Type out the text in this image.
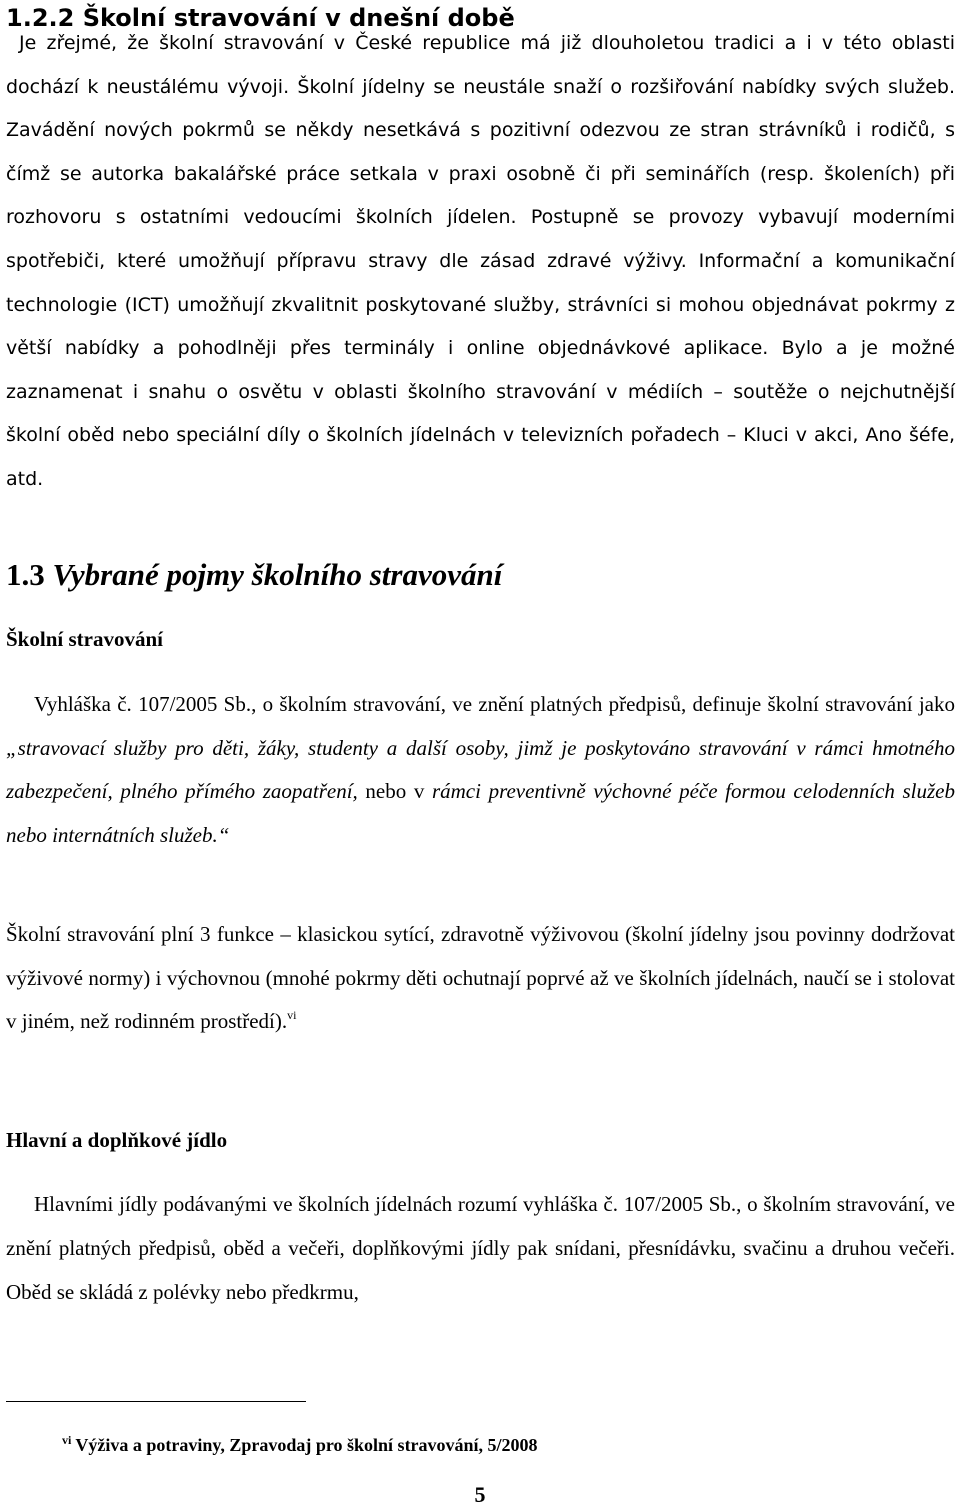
1.2.2 Školní stravování v dnešní době

Je zřejmé, že školní stravování v České republice má již dlouholetou tradici a i v této oblasti dochází k neustálému vývoji. Školní jídelny se neustále snaží o rozšiřování nabídky svých služeb. Zavádění nových pokrmů se někdy nesetkává s pozitivní odezvou ze stran strávníků i rodičů, s čímž se autorka bakalářské práce setkala v praxi osobně či při seminářích (resp. školeních) při rozhovoru s ostatními vedoucími školních jídelen. Postupně se provozy vybavují moderními spotřebiči, které umožňují přípravu stravy dle zásad zdravé výživy. Informační a komunikační technologie (ICT) umožňují zkvalitnit poskytované služby, strávníci si mohou objednávat pokrmy z větší nabídky a pohodlněji přes terminály i online objednávkové aplikace. Bylo a je možné zaznamenat i snahu o osvětu v oblasti školního stravování v médiích – soutěže o nejchutnější školní oběd nebo speciální díly o školních jídelnách v televizních pořadech – Kluci v akci, Ano šéfe, atd.

1.3 Vybrané pojmy školního stravování
Školní stravování

Vyhláška č. 107/2005 Sb., o školním stravování, ve znění platných předpisů, definuje školní stravování jako „stravovací služby pro děti, žáky, studenty a další osoby, jimž je poskytováno stravování v rámci hmotného zabezpečení, plného přímého zaopatření, nebo v rámci preventivně výchovné péče formou celodenních služeb nebo internátních služeb.“

Školní stravování plní 3 funkce – klasickou sytící, zdravotně výživovou (školní jídelny jsou povinny dodržovat výživové normy) i výchovnou (mnohé pokrmy děti ochutnají poprvé až ve školních jídelnách, naučí se i stolovat v jiném, než rodinném prostředí).$^{vi}$

Hlavní a doplňkové jídlo

Hlavními jídly podávanými ve školních jídelnách rozumí vyhláška č. 107/2005 Sb., o školním stravování, ve znění platných předpisů, oběd a večeři, doplňkovými jídly pak snídani, přesnídávku, svačinu a druhou večeři. Oběd se skládá z polévky nebo předkrmu,

$^{vi}$ Výživa a potraviny, Zpravodaj pro školní stravování, 5/2008

5
